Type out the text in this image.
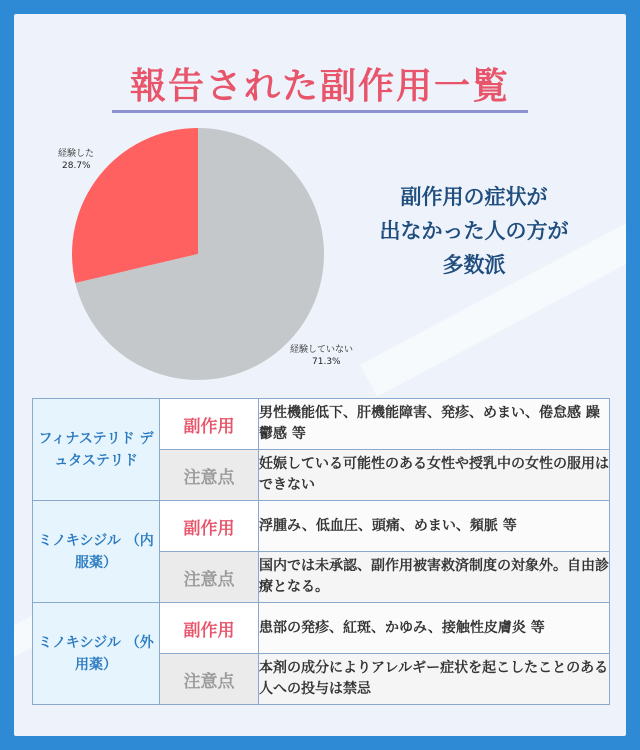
報告された副作用一覧
経験した
28.7%
経験していない
71.3%
副作用の症状が
出なかった人の方が
多数派
フィナステリド デュタステリド	副作用	男性機能低下、肝機能障害、発疹、めまい、倦怠感 躁鬱感 等
	注意点	妊娠している可能性のある女性や授乳中の女性の服用はできない
ミノキシジル （内服薬）	副作用	浮腫み、低血圧、頭痛、めまい、頻脈 等
	注意点	国内では未承認、副作用被害救済制度の対象外。自由診療となる。
ミノキシジル （外用薬）	副作用	患部の発疹、紅斑、かゆみ、接触性皮膚炎 等
	注意点	本剤の成分によりアレルギー症状を起こしたことのある人への投与は禁忌
